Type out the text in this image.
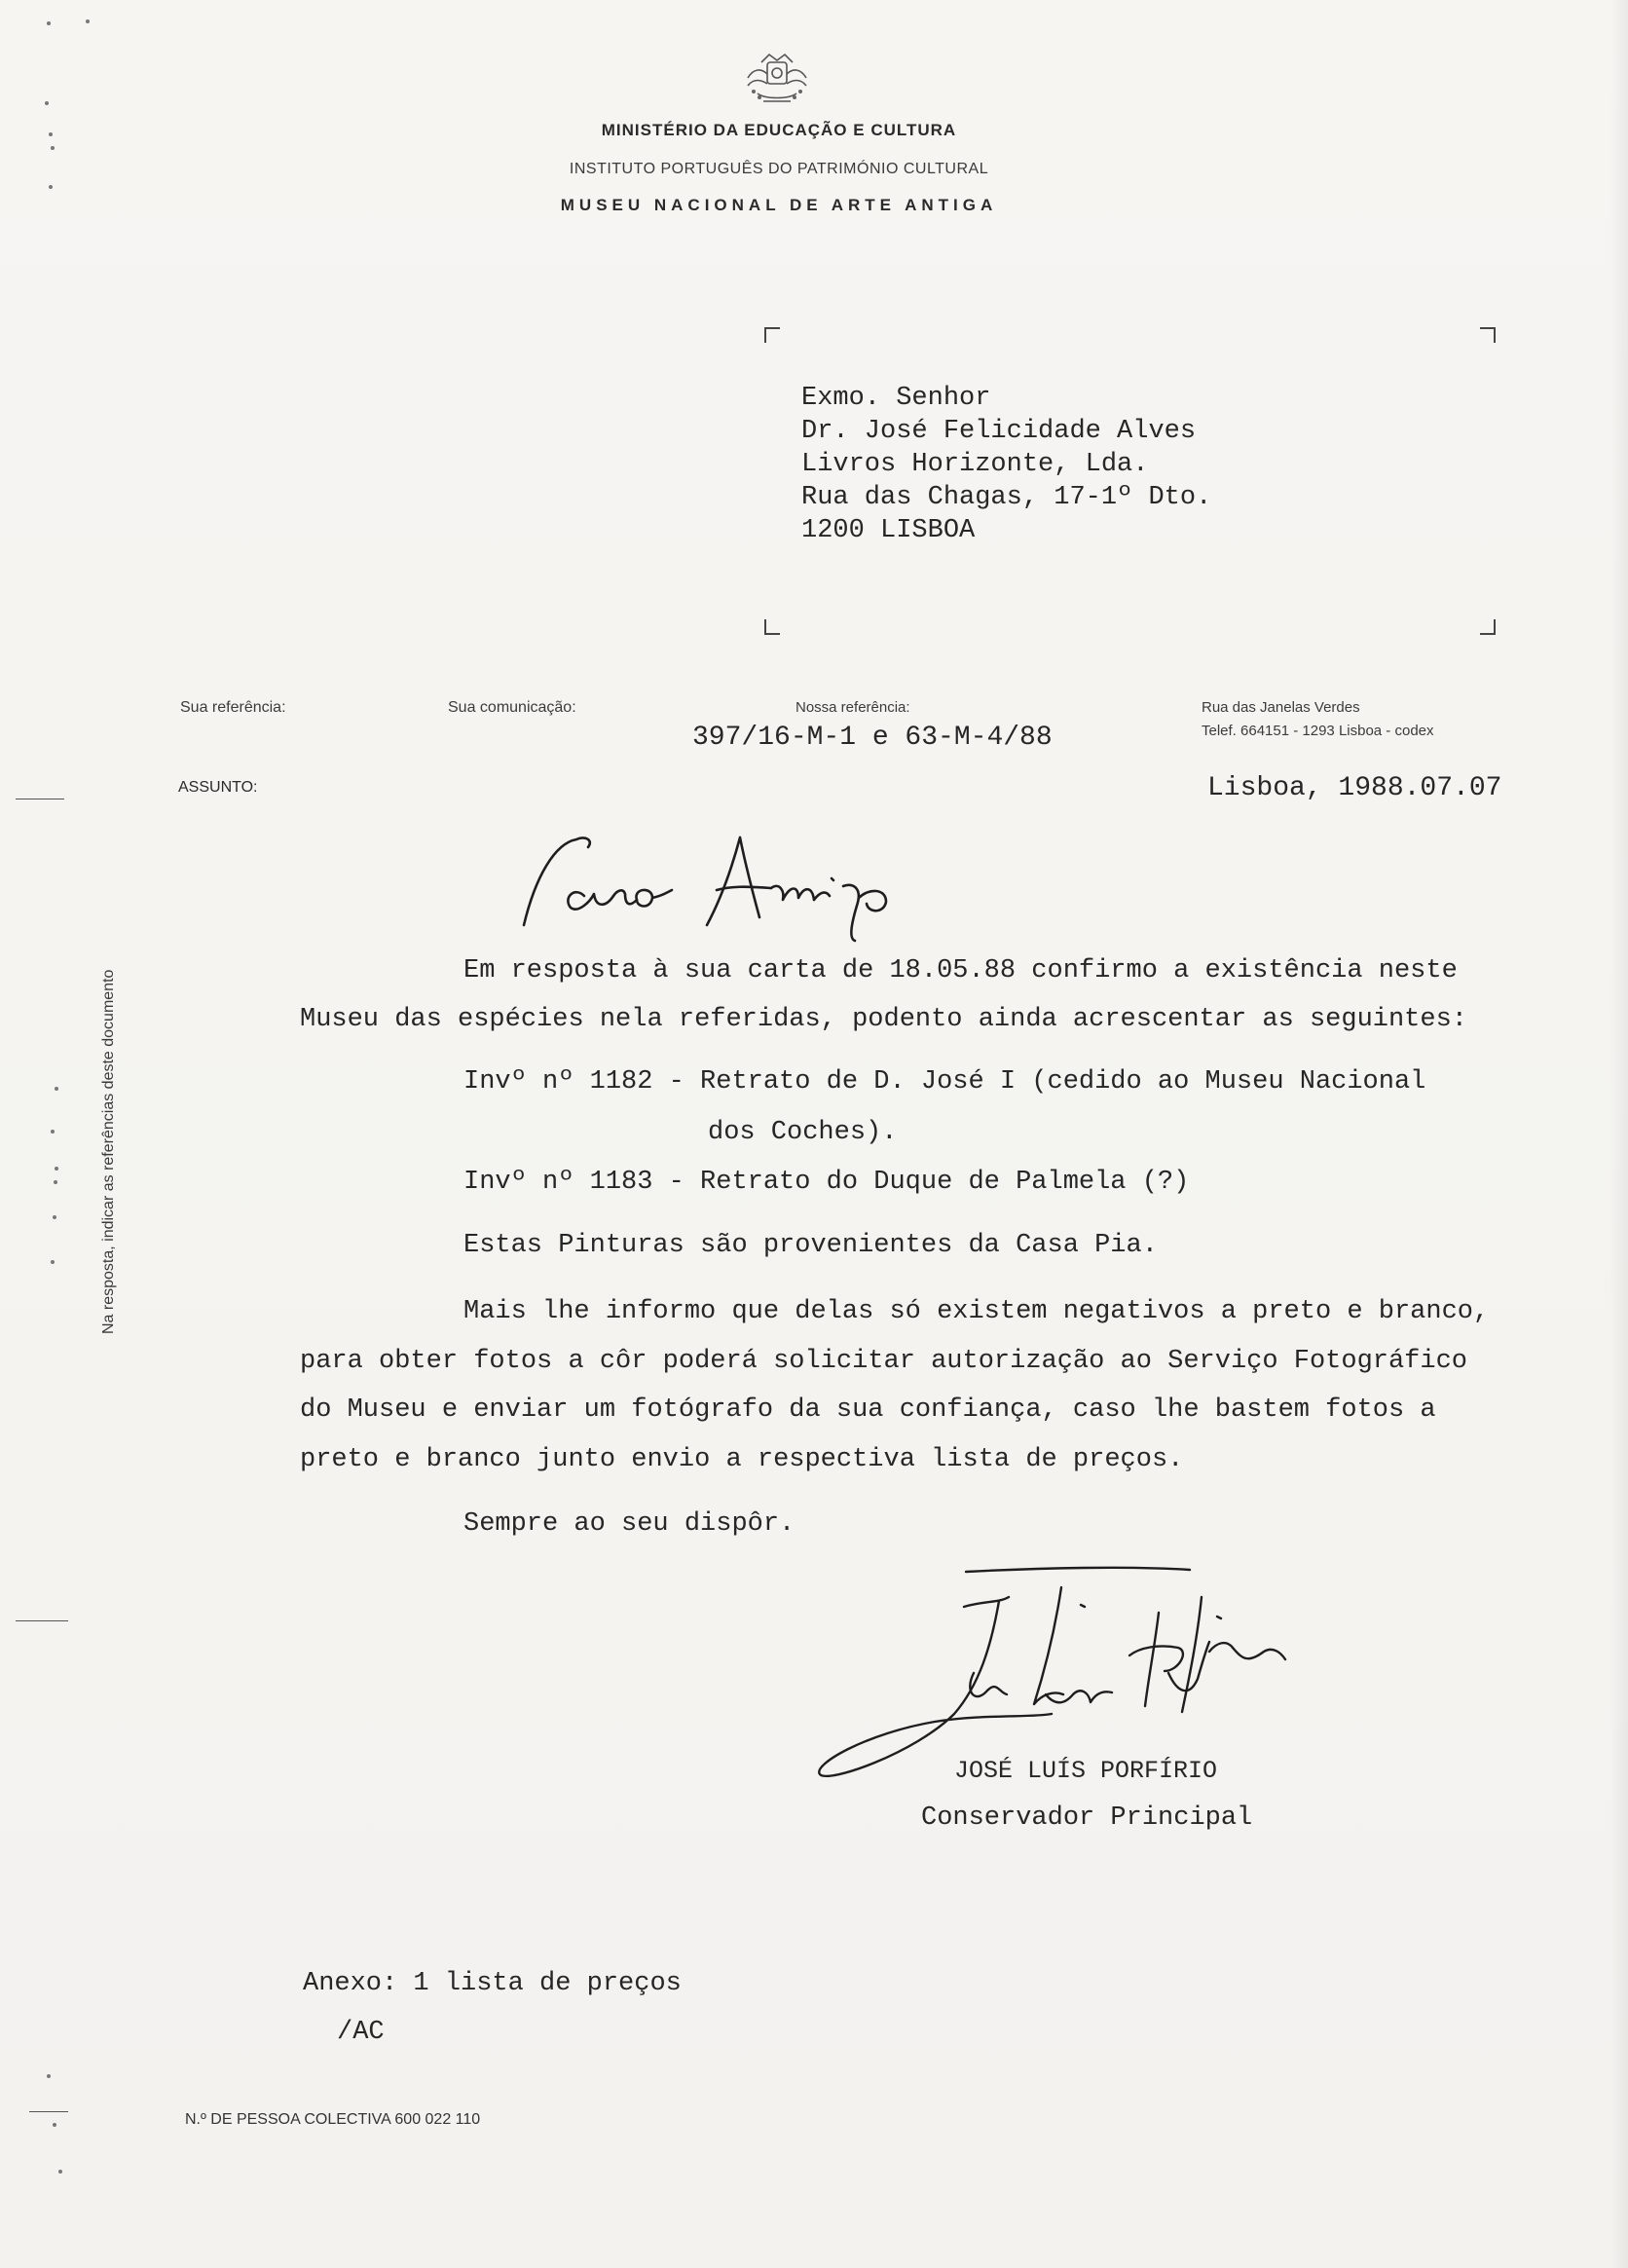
MINISTÉRIO DA EDUCAÇÃO E CULTURA
INSTITUTO PORTUGUÊS DO PATRIMÓNIO CULTURAL
MUSEU NACIONAL DE ARTE ANTIGA
Exmo. Senhor
Dr. José Felicidade Alves
Livros Horizonte, Lda.
Rua das Chagas, 17-1º Dto.
1200 LISBOA
Sua referência:	Sua comunicação:	Nossa referência:
397/16-M-1 e 63-M-4/88
Rua das Janelas Verdes
Telef. 664151 - 1293 Lisboa - codex
ASSUNTO:	Lisboa, 1988.07.07
Em resposta à sua carta de 18.05.88 confirmo a existência neste
Museu das espécies nela referidas, podento ainda acrescentar as seguintes:
Invº nº 1182 - Retrato de D. José I (cedido ao Museu Nacional
dos Coches).
Invº nº 1183 - Retrato do Duque de Palmela (?)
Estas Pinturas são provenientes da Casa Pia.
Mais lhe informo que delas só existem negativos a preto e branco,
para obter fotos a côr poderá solicitar autorização ao Serviço Fotográfico
do Museu e enviar um fotógrafo da sua confiança, caso lhe bastem fotos a
preto e branco junto envio a respectiva lista de preços.
Sempre ao seu dispôr.
JOSÉ LUÍS PORFÍRIO
Conservador Principal
Anexo: 1 lista de preços
/AC
Na resposta, indicar as referências deste documento
N.º DE PESSOA COLECTIVA 600 022 110
